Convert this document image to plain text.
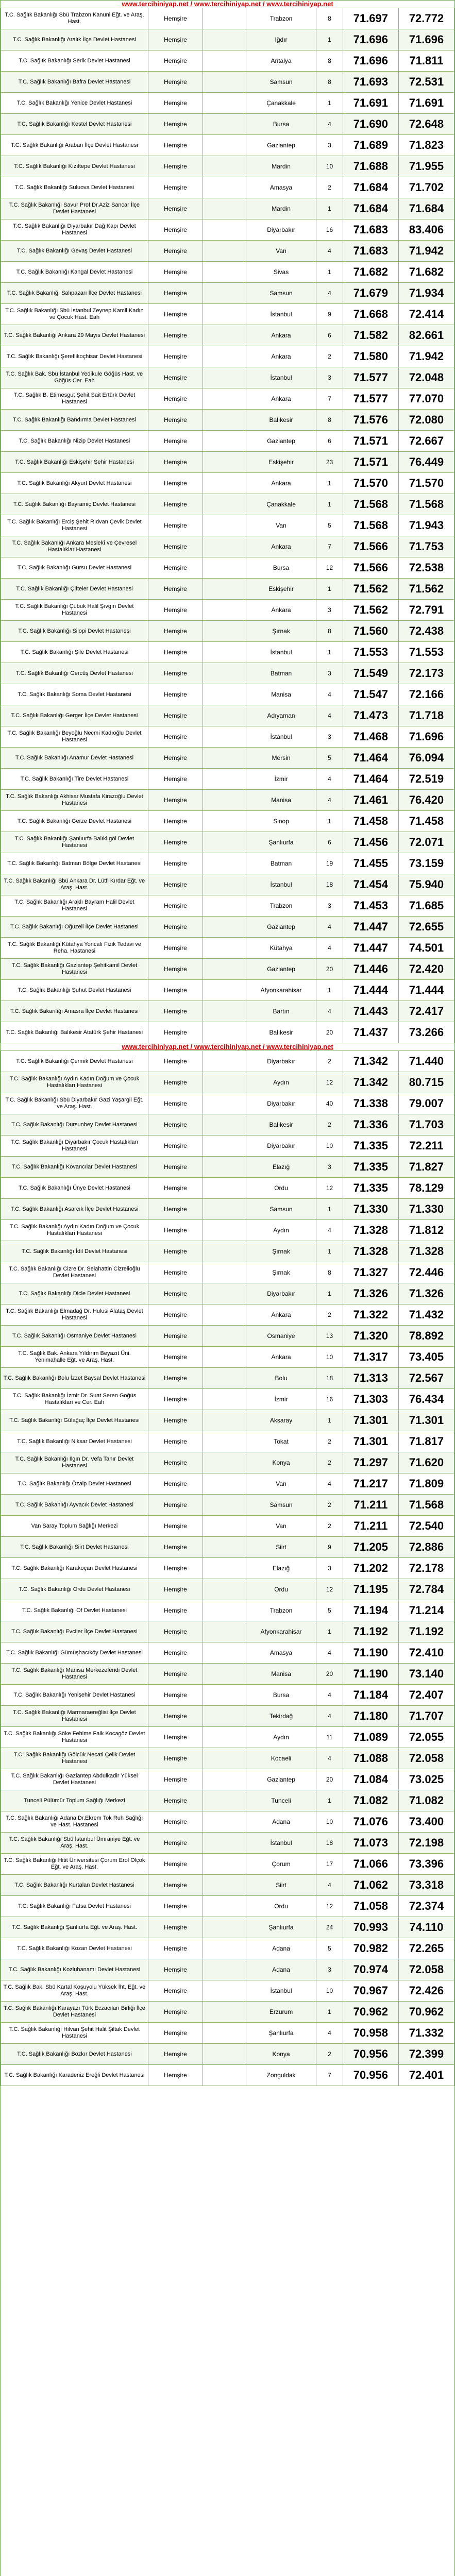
www.tercihiniyap.net / www.tercihiniyap.net / www.tercihiniyap.net
T.C. Sağlık Bakanlığı Sbü Trabzon Kanuni Eğt. ve Araş. Hast.	Hemşire		Trabzon	8	71.697	72.772
T.C. Sağlık Bakanlığı Aralık İlçe Devlet Hastanesi	Hemşire		Iğdır	1	71.696	71.696
T.C. Sağlık Bakanlığı Serik Devlet Hastanesi	Hemşire		Antalya	8	71.696	71.811
T.C. Sağlık Bakanlığı Bafra Devlet Hastanesi	Hemşire		Samsun	8	71.693	72.531
T.C. Sağlık Bakanlığı Yenice Devlet Hastanesi	Hemşire		Çanakkale	1	71.691	71.691
T.C. Sağlık Bakanlığı Kestel Devlet Hastanesi	Hemşire		Bursa	4	71.690	72.648
T.C. Sağlık Bakanlığı Araban İlçe Devlet Hastanesi	Hemşire		Gaziantep	3	71.689	71.823
T.C. Sağlık Bakanlığı Kızıltepe Devlet Hastanesi	Hemşire		Mardin	10	71.688	71.955
T.C. Sağlık Bakanlığı Suluova Devlet Hastanesi	Hemşire		Amasya	2	71.684	71.702
T.C. Sağlık Bakanlığı Savur Prof.Dr.Aziz Sancar İlçe Devlet Hastanesi	Hemşire		Mardin	1	71.684	71.684
T.C. Sağlık Bakanlığı Diyarbakır Dağ Kapı Devlet Hastanesi	Hemşire		Diyarbakır	16	71.683	83.406
T.C. Sağlık Bakanlığı Gevaş Devlet Hastanesi	Hemşire		Van	4	71.683	71.942
T.C. Sağlık Bakanlığı Kangal Devlet Hastanesi	Hemşire		Sivas	1	71.682	71.682
T.C. Sağlık Bakanlığı Salıpazarı İlçe Devlet Hastanesi	Hemşire		Samsun	4	71.679	71.934
T.C. Sağlık Bakanlığı Sbü İstanbul Zeynep Kamil Kadın ve Çocuk Hast. Eah	Hemşire		İstanbul	9	71.668	72.414
T.C. Sağlık Bakanlığı Ankara 29 Mayıs Devlet Hastanesi	Hemşire		Ankara	6	71.582	82.661
T.C. Sağlık Bakanlığı Şereflikoçhisar Devlet Hastanesi	Hemşire		Ankara	2	71.580	71.942
T.C. Sağlık Bak. Sbü İstanbul Yedikule Göğüs Hast. ve Göğüs Cer. Eah	Hemşire		İstanbul	3	71.577	72.048
T.C. Sağlık B. Etimesgut Şehit Sait Ertürk Devlet Hastanesi	Hemşire		Ankara	7	71.577	77.070
T.C. Sağlık Bakanlığı Bandırma Devlet Hastanesi	Hemşire		Balıkesir	8	71.576	72.080
T.C. Sağlık Bakanlığı Nizip Devlet Hastanesi	Hemşire		Gaziantep	6	71.571	72.667
T.C. Sağlık Bakanlığı Eskişehir Şehir Hastanesi	Hemşire		Eskişehir	23	71.571	76.449
T.C. Sağlık Bakanlığı Akyurt Devlet Hastanesi	Hemşire		Ankara	1	71.570	71.570
T.C. Sağlık Bakanlığı Bayramiç Devlet Hastanesi	Hemşire		Çanakkale	1	71.568	71.568
T.C. Sağlık Bakanlığı Erciş Şehit Rıdvan Çevik Devlet Hastanesi	Hemşire		Van	5	71.568	71.943
T.C. Sağlık Bakanlığı Ankara Meslekî ve Çevresel Hastalıklar Hastanesi	Hemşire		Ankara	7	71.566	71.753
T.C. Sağlık Bakanlığı Gürsu Devlet Hastanesi	Hemşire		Bursa	12	71.566	72.538
T.C. Sağlık Bakanlığı Çifteler Devlet Hastanesi	Hemşire		Eskişehir	1	71.562	71.562
T.C. Sağlık Bakanlığı Çubuk Halil Şıvgın Devlet Hastanesi	Hemşire		Ankara	3	71.562	72.791
T.C. Sağlık Bakanlığı Silopi Devlet Hastanesi	Hemşire		Şırnak	8	71.560	72.438
T.C. Sağlık Bakanlığı Şile Devlet Hastanesi	Hemşire		İstanbul	1	71.553	71.553
T.C. Sağlık Bakanlığı Gercüş Devlet Hastanesi	Hemşire		Batman	3	71.549	72.173
T.C. Sağlık Bakanlığı Soma Devlet Hastanesi	Hemşire		Manisa	4	71.547	72.166
T.C. Sağlık Bakanlığı Gerger İlçe Devlet Hastanesi	Hemşire		Adıyaman	4	71.473	71.718
T.C. Sağlık Bakanlığı Beyoğlu Necmi Kadıoğlu Devlet Hastanesi	Hemşire		İstanbul	3	71.468	71.696
T.C. Sağlık Bakanlığı Anamur Devlet Hastanesi	Hemşire		Mersin	5	71.464	76.094
T.C. Sağlık Bakanlığı Tire Devlet Hastanesi	Hemşire		İzmir	4	71.464	72.519
T.C. Sağlık Bakanlığı Akhisar Mustafa Kirazoğlu Devlet Hastanesi	Hemşire		Manisa	4	71.461	76.420
T.C. Sağlık Bakanlığı Gerze Devlet Hastanesi	Hemşire		Sinop	1	71.458	71.458
T.C. Sağlık Bakanlığı Şanlıurfa Balıklıgöl Devlet Hastanesi	Hemşire		Şanlıurfa	6	71.456	72.071
T.C. Sağlık Bakanlığı Batman Bölge Devlet Hastanesi	Hemşire		Batman	19	71.455	73.159
T.C. Sağlık Bakanlığı Sbü Ankara Dr. Lütfi Kırdar Eğt. ve Araş. Hast.	Hemşire		İstanbul	18	71.454	75.940
T.C. Sağlık Bakanlığı Araklı Bayram Halil Devlet Hastanesi	Hemşire		Trabzon	3	71.453	71.685
T.C. Sağlık Bakanlığı Oğuzeli İlçe Devlet Hastanesi	Hemşire		Gaziantep	4	71.447	72.655
T.C. Sağlık Bakanlığı Kütahya Yoncalı Fizik Tedavi ve Reha. Hastanesi	Hemşire		Kütahya	4	71.447	74.501
T.C. Sağlık Bakanlığı Gaziantep Şehitkamil Devlet Hastanesi	Hemşire		Gaziantep	20	71.446	72.420
T.C. Sağlık Bakanlığı Şuhut Devlet Hastanesi	Hemşire		Afyonkarahisar	1	71.444	71.444
T.C. Sağlık Bakanlığı Amasra İlçe Devlet Hastanesi	Hemşire		Bartın	4	71.443	72.417
T.C. Sağlık Bakanlığı Balıkesir Atatürk Şehir Hastanesi	Hemşire		Balıkesir	20	71.437	73.266
www.tercihiniyap.net / www.tercihiniyap.net / www.tercihiniyap.net
T.C. Sağlık Bakanlığı Çermik Devlet Hastanesi	Hemşire		Diyarbakır	2	71.342	71.440
T.C. Sağlık Bakanlığı Aydın Kadın Doğum ve Çocuk Hastalıkları Hastanesi	Hemşire		Aydın	12	71.342	80.715
T.C. Sağlık Bakanlığı Sbü Diyarbakır Gazi Yaşargil Eğt. ve Araş. Hast.	Hemşire		Diyarbakır	40	71.338	79.007
T.C. Sağlık Bakanlığı Dursunbey Devlet Hastanesi	Hemşire		Balıkesir	2	71.336	71.703
T.C. Sağlık Bakanlığı Diyarbakır Çocuk Hastalıkları Hastanesi	Hemşire		Diyarbakır	10	71.335	72.211
T.C. Sağlık Bakanlığı Kovancılar Devlet Hastanesi	Hemşire		Elazığ	3	71.335	71.827
T.C. Sağlık Bakanlığı Ünye Devlet Hastanesi	Hemşire		Ordu	12	71.335	78.129
T.C. Sağlık Bakanlığı Asarcık İlçe Devlet Hastanesi	Hemşire		Samsun	1	71.330	71.330
T.C. Sağlık Bakanlığı Aydın Kadın Doğum ve Çocuk Hastalıkları Hastanesi	Hemşire		Aydın	4	71.328	71.812
T.C. Sağlık Bakanlığı İdil Devlet Hastanesi	Hemşire		Şırnak	1	71.328	71.328
T.C. Sağlık Bakanlığı Cizre Dr. Selahattin Cizrelioğlu Devlet Hastanesi	Hemşire		Şırnak	8	71.327	72.446
T.C. Sağlık Bakanlığı Dicle Devlet Hastanesi	Hemşire		Diyarbakır	1	71.326	71.326
T.C. Sağlık Bakanlığı Elmadağ Dr. Hulusi Alataş Devlet Hastanesi	Hemşire		Ankara	2	71.322	71.432
T.C. Sağlık Bakanlığı Osmaniye Devlet Hastanesi	Hemşire		Osmaniye	13	71.320	78.892
T.C. Sağlık Bak. Ankara Yıldırım Beyazıt Üni. Yenimahalle Eğt. ve Araş. Hast.	Hemşire		Ankara	10	71.317	73.405
T.C. Sağlık Bakanlığı Bolu İzzet Baysal Devlet Hastanesi	Hemşire		Bolu	18	71.313	72.567
T.C. Sağlık Bakanlığı İzmir Dr. Suat Seren Göğüs Hastalıkları ve Cer. Eah	Hemşire		İzmir	16	71.303	76.434
T.C. Sağlık Bakanlığı Gülağaç İlçe Devlet Hastanesi	Hemşire		Aksaray	1	71.301	71.301
T.C. Sağlık Bakanlığı Niksar Devlet Hastanesi	Hemşire		Tokat	2	71.301	71.817
T.C. Sağlık Bakanlığı Ilgın Dr. Vefa Tanır Devlet Hastanesi	Hemşire		Konya	2	71.297	71.620
T.C. Sağlık Bakanlığı Özalp Devlet Hastanesi	Hemşire		Van	4	71.217	71.809
T.C. Sağlık Bakanlığı Ayvacık Devlet Hastanesi	Hemşire		Samsun	2	71.211	71.568
Van Saray Toplum Sağlığı Merkezi	Hemşire		Van	2	71.211	72.540
T.C. Sağlık Bakanlığı Siirt Devlet Hastanesi	Hemşire		Siirt	9	71.205	72.886
T.C. Sağlık Bakanlığı Karakoçan Devlet Hastanesi	Hemşire		Elazığ	3	71.202	72.178
T.C. Sağlık Bakanlığı Ordu Devlet Hastanesi	Hemşire		Ordu	12	71.195	72.784
T.C. Sağlık Bakanlığı Of Devlet Hastanesi	Hemşire		Trabzon	5	71.194	71.214
T.C. Sağlık Bakanlığı Evciler İlçe Devlet Hastanesi	Hemşire		Afyonkarahisar	1	71.192	71.192
T.C. Sağlık Bakanlığı Gümüşhacıköy Devlet Hastanesi	Hemşire		Amasya	4	71.190	72.410
T.C. Sağlık Bakanlığı Manisa Merkezefendi Devlet Hastanesi	Hemşire		Manisa	20	71.190	73.140
T.C. Sağlık Bakanlığı Yenişehir Devlet Hastanesi	Hemşire		Bursa	4	71.184	72.407
T.C. Sağlık Bakanlığı Marmaraereğlisi İlçe Devlet Hastanesi	Hemşire		Tekirdağ	4	71.180	71.707
T.C. Sağlık Bakanlığı Söke Fehime Faik Kocagöz Devlet Hastanesi	Hemşire		Aydın	11	71.089	72.055
T.C. Sağlık Bakanlığı Gölcük Necati Çelik Devlet Hastanesi	Hemşire		Kocaeli	4	71.088	72.058
T.C. Sağlık Bakanlığı Gaziantep Abdulkadir Yüksel Devlet Hastanesi	Hemşire		Gaziantep	20	71.084	73.025
Tunceli Pülümür Toplum Sağlığı Merkezi	Hemşire		Tunceli	1	71.082	71.082
T.C. Sağlık Bakanlığı Adana Dr.Ekrem Tok Ruh Sağlığı ve Hast. Hastanesi	Hemşire		Adana	10	71.076	73.400
T.C. Sağlık Bakanlığı Sbü İstanbul Ümraniye Eğt. ve Araş. Hast.	Hemşire		İstanbul	18	71.073	72.198
T.C. Sağlık Bakanlığı Hitit Üniversitesi Çorum Erol Olçok Eğt. ve Araş. Hast.	Hemşire		Çorum	17	71.066	73.396
T.C. Sağlık Bakanlığı Kurtalan Devlet Hastanesi	Hemşire		Siirt	4	71.062	73.318
T.C. Sağlık Bakanlığı Fatsa Devlet Hastanesi	Hemşire		Ordu	12	71.058	72.374
T.C. Sağlık Bakanlığı Şanlıurfa Eğt. ve Araş. Hast.	Hemşire		Şanlıurfa	24	70.993	74.110
T.C. Sağlık Bakanlığı Kozan Devlet Hastanesi	Hemşire		Adana	5	70.982	72.265
T.C. Sağlık Bakanlığı Kozluhanamı Devlet Hastanesi	Hemşire		Adana	3	70.974	72.058
T.C. Sağlık Bak. Sbü Kartal Koşuyolu Yüksek İht. Eğt. ve Araş. Hast.	Hemşire		İstanbul	10	70.967	72.426
T.C. Sağlık Bakanlığı Karayazı Türk Eczacıları Birliği İlçe Devlet Hastanesi	Hemşire		Erzurum	1	70.962	70.962
T.C. Sağlık Bakanlığı Hilvan Şehit Halit Şiltak Devlet Hastanesi	Hemşire		Şanlıurfa	4	70.958	71.332
T.C. Sağlık Bakanlığı Bozkır Devlet Hastanesi	Hemşire		Konya	2	70.956	72.399
T.C. Sağlık Bakanlığı Karadeniz Ereğli Devlet Hastanesi	Hemşire		Zonguldak	7	70.956	72.401
